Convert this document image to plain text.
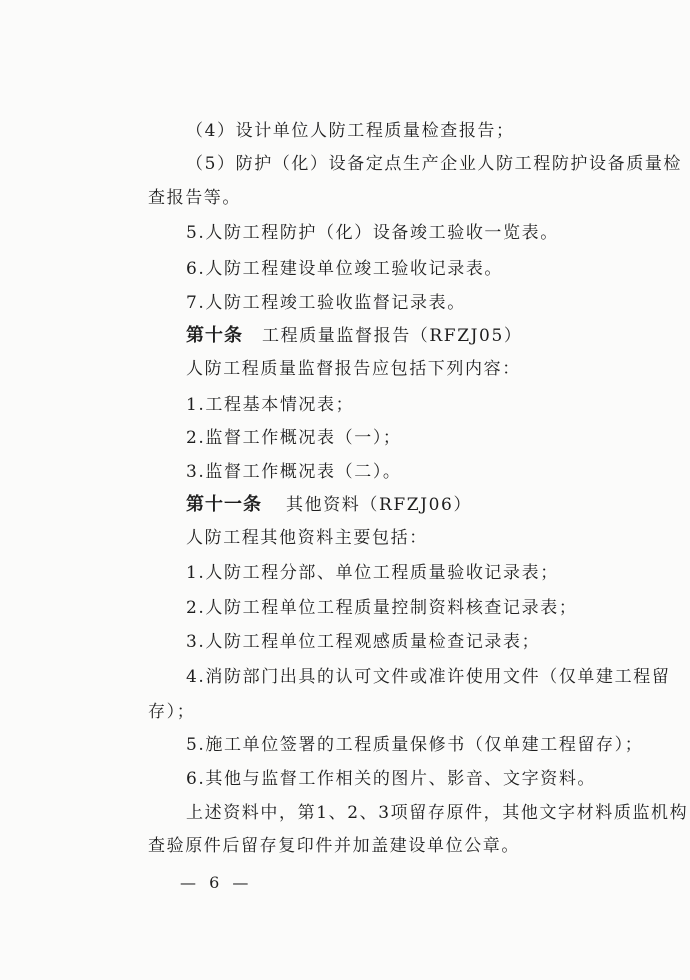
（4）设计单位人防工程质量检查报告；
（5）防护（化）设备定点生产企业人防工程防护设备质量检
查报告等。
5.人防工程防护（化）设备竣工验收一览表。
6.人防工程建设单位竣工验收记录表。
7.人防工程竣工验收监督记录表。
第十条 工程质量监督报告（RFZJ05）
人防工程质量监督报告应包括下列内容：
1.工程基本情况表；
2.监督工作概况表（一）；
3.监督工作概况表（二）。
第十一条 其他资料（RFZJ06）
人防工程其他资料主要包括：
1.人防工程分部、单位工程质量验收记录表；
2.人防工程单位工程质量控制资料核查记录表；
3.人防工程单位工程观感质量检查记录表；
4.消防部门出具的认可文件或准许使用文件（仅单建工程留
存）；
5.施工单位签署的工程质量保修书（仅单建工程留存）；
6.其他与监督工作相关的图片、影音、文字资料。
上述资料中，第1、2、3项留存原件，其他文字材料质监机构
查验原件后留存复印件并加盖建设单位公章。
— 6 —
